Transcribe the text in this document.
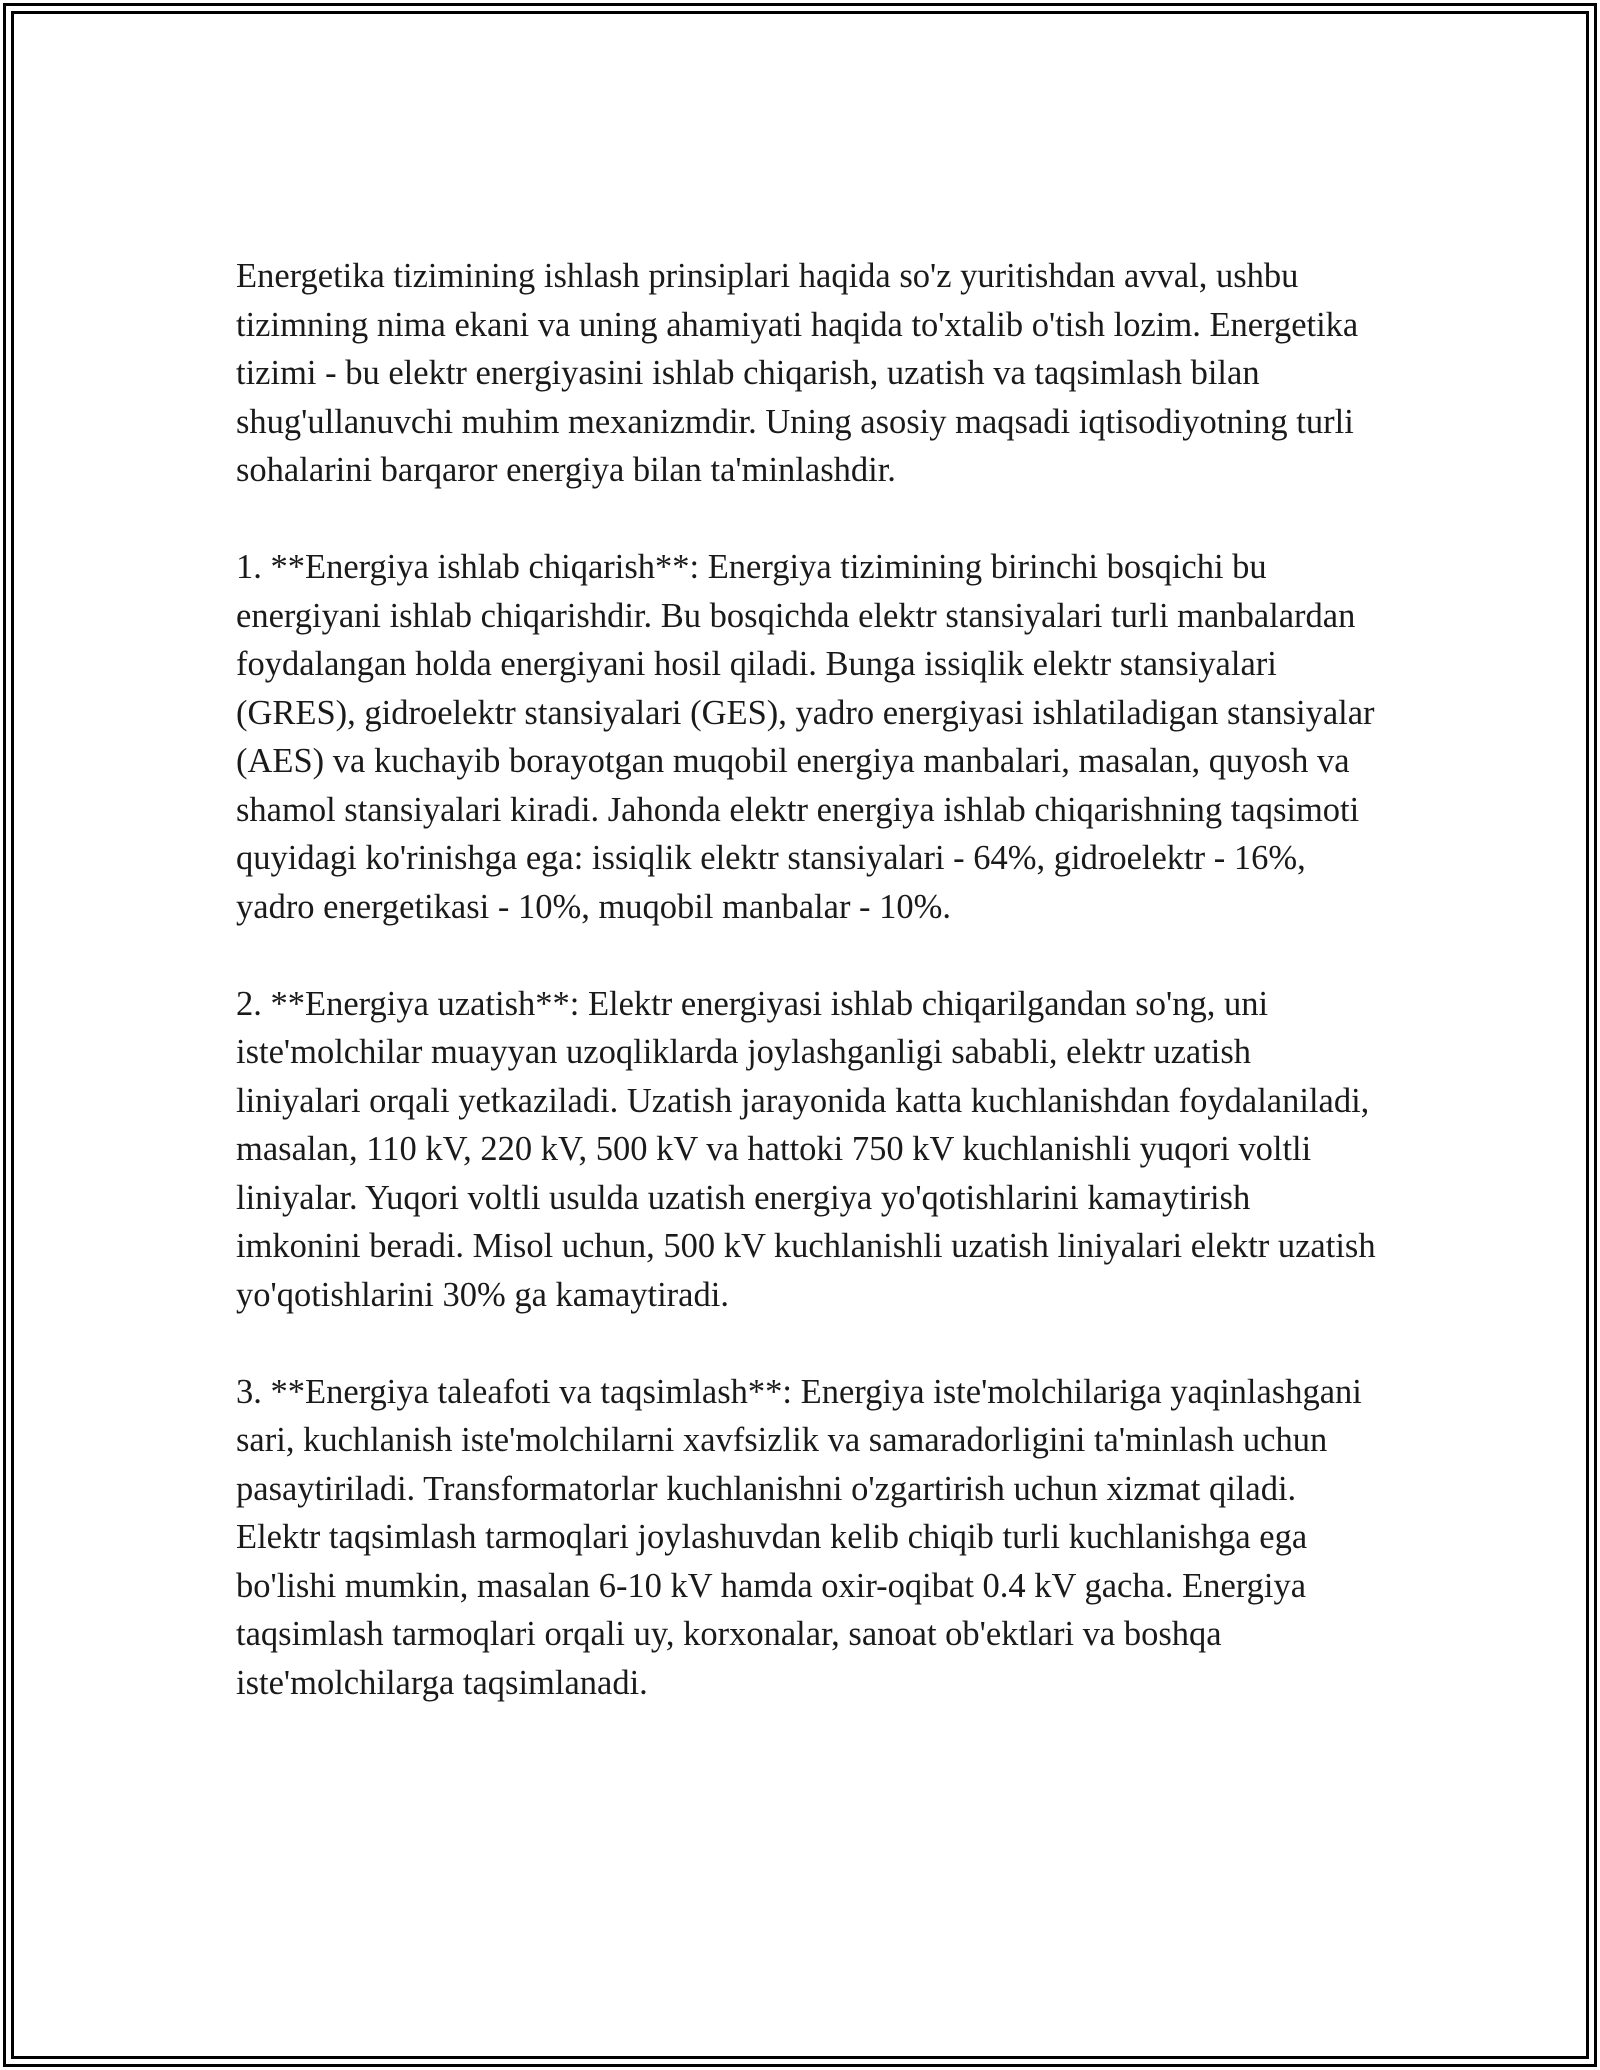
Energetika tizimining ishlash prinsiplari haqida so'z yuritishdan avval, ushbu tizimning nima ekani va uning ahamiyati haqida to'xtalib o'tish lozim. Energetika tizimi - bu elektr energiyasini ishlab chiqarish, uzatish va taqsimlash bilan shug'ullanuvchi muhim mexanizmdir. Uning asosiy maqsadi iqtisodiyotning turli sohalarini barqaror energiya bilan ta'minlashdir.

1. **Energiya ishlab chiqarish**: Energiya tizimining birinchi bosqichi bu energiyani ishlab chiqarishdir. Bu bosqichda elektr stansiyalari turli manbalardan foydalangan holda energiyani hosil qiladi. Bunga issiqlik elektr stansiyalari (GRES), gidroelektr stansiyalari (GES), yadro energiyasi ishlatiladigan stansiyalar (AES) va kuchayib borayotgan muqobil energiya manbalari, masalan, quyosh va shamol stansiyalari kiradi. Jahonda elektr energiya ishlab chiqarishning taqsimoti quyidagi ko'rinishga ega: issiqlik elektr stansiyalari - 64%, gidroelektr - 16%, yadro energetikasi - 10%, muqobil manbalar - 10%.

2. **Energiya uzatish**: Elektr energiyasi ishlab chiqarilgandan so'ng, uni iste'molchilar muayyan uzoqliklarda joylashganligi sababli, elektr uzatish liniyalari orqali yetkaziladi. Uzatish jarayonida katta kuchlanishdan foydalaniladi, masalan, 110 kV, 220 kV, 500 kV va hattoki 750 kV kuchlanishli yuqori voltli liniyalar. Yuqori voltli usulda uzatish energiya yo'qotishlarini kamaytirish imkonini beradi. Misol uchun, 500 kV kuchlanishli uzatish liniyalari elektr uzatish yo'qotishlarini 30% ga kamaytiradi.

3. **Energiya taleafoti va taqsimlash**: Energiya iste'molchilariga yaqinlashgani sari, kuchlanish iste'molchilarni xavfsizlik va samaradorligini ta'minlash uchun pasaytiriladi. Transformatorlar kuchlanishni o'zgartirish uchun xizmat qiladi. Elektr taqsimlash tarmoqlari joylashuvdan kelib chiqib turli kuchlanishga ega bo'lishi mumkin, masalan 6-10 kV hamda oxir-oqibat 0.4 kV gacha. Energiya taqsimlash tarmoqlari orqali uy, korxonalar, sanoat ob'ektlari va boshqa iste'molchilarga taqsimlanadi.
